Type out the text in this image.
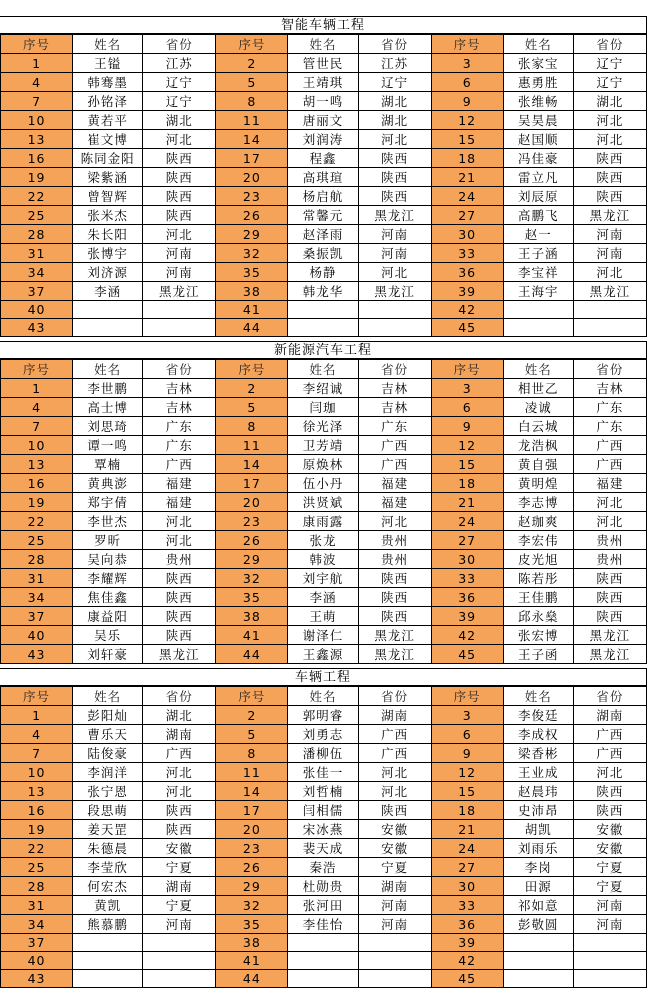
智能车辆工程
序号	姓名	省份	序号	姓名	省份	序号	姓名	省份
1	王镒	江苏	2	管世民	江苏	3	张家宝	辽宁
4	韩骞墨	辽宁	5	王靖琪	辽宁	6	惠勇胜	辽宁
7	孙铭泽	辽宁	8	胡一鸣	湖北	9	张维畅	湖北
10	黄若平	湖北	11	唐丽文	湖北	12	吴昊晨	河北
13	崔文博	河北	14	刘润涛	河北	15	赵国顺	河北
16	陈同金阳	陕西	17	程鑫	陕西	18	冯佳豪	陕西
19	梁紫涵	陕西	20	高琪瑄	陕西	21	雷立凡	陕西
22	曾智辉	陕西	23	杨启航	陕西	24	刘辰原	陕西
25	张米杰	陕西	26	常馨元	黑龙江	27	高鹏飞	黑龙江
28	朱长阳	河北	29	赵泽雨	河南	30	赵一	河南
31	张博宇	河南	32	桑振凯	河南	33	王子涵	河南
34	刘济源	河南	35	杨静	河北	36	李宝祥	河北
37	李涵	黑龙江	38	韩龙华	黑龙江	39	王海宇	黑龙江
40			41			42		
43			44			45		
新能源汽车工程
序号	姓名	省份	序号	姓名	省份	序号	姓名	省份
1	李世鹏	吉林	2	李绍诚	吉林	3	相世乙	吉林
4	高士博	吉林	5	闫珈	吉林	6	凌诚	广东
7	刘思琦	广东	8	徐光泽	广东	9	白云城	广东
10	谭一鸣	广东	11	卫芳靖	广西	12	龙浩枫	广西
13	覃楠	广西	14	原焕林	广西	15	黄自强	广西
16	黄典澎	福建	17	伍小丹	福建	18	黄明煌	福建
19	郑宇倩	福建	20	洪贤斌	福建	21	李志博	河北
22	李世杰	河北	23	康雨露	河北	24	赵珈爽	河北
25	罗昕	河北	26	张龙	贵州	27	李宏伟	贵州
28	吴向恭	贵州	29	韩波	贵州	30	皮光旭	贵州
31	李耀辉	陕西	32	刘宇航	陕西	33	陈若彤	陕西
34	焦佳鑫	陕西	35	李涵	陕西	36	王佳鹏	陕西
37	康益阳	陕西	38	王萌	陕西	39	邱永燊	陕西
40	吴乐	陕西	41	谢泽仁	黑龙江	42	张宏博	黑龙江
43	刘轩豪	黑龙江	44	王鑫源	黑龙江	45	王子函	黑龙江
车辆工程
序号	姓名	省份	序号	姓名	省份	序号	姓名	省份
1	彭阳灿	湖北	2	郭明睿	湖南	3	李俊廷	湖南
4	曹乐天	湖南	5	刘勇志	广西	6	李成权	广西
7	陆俊豪	广西	8	潘柳伍	广西	9	梁香彬	广西
10	李润洋	河北	11	张佳一	河北	12	王业成	河北
13	张宁恩	河北	14	刘哲楠	河北	15	赵晨玮	陕西
16	段思萌	陕西	17	闫相儒	陕西	18	史沛昂	陕西
19	姜天罡	陕西	20	宋冰燕	安徽	21	胡凯	安徽
22	朱德晨	安徽	23	裴天成	安徽	24	刘雨乐	安徽
25	李莹欣	宁夏	26	秦浩	宁夏	27	李岗	宁夏
28	何宏杰	湖南	29	杜勋贵	湖南	30	田源	宁夏
31	黄凯	宁夏	32	张河田	河南	33	祁如意	河南
34	熊慕鹏	河南	35	李佳怡	河南	36	彭敬圆	河南
37			38			39		
40			41			42		
43			44			45		
